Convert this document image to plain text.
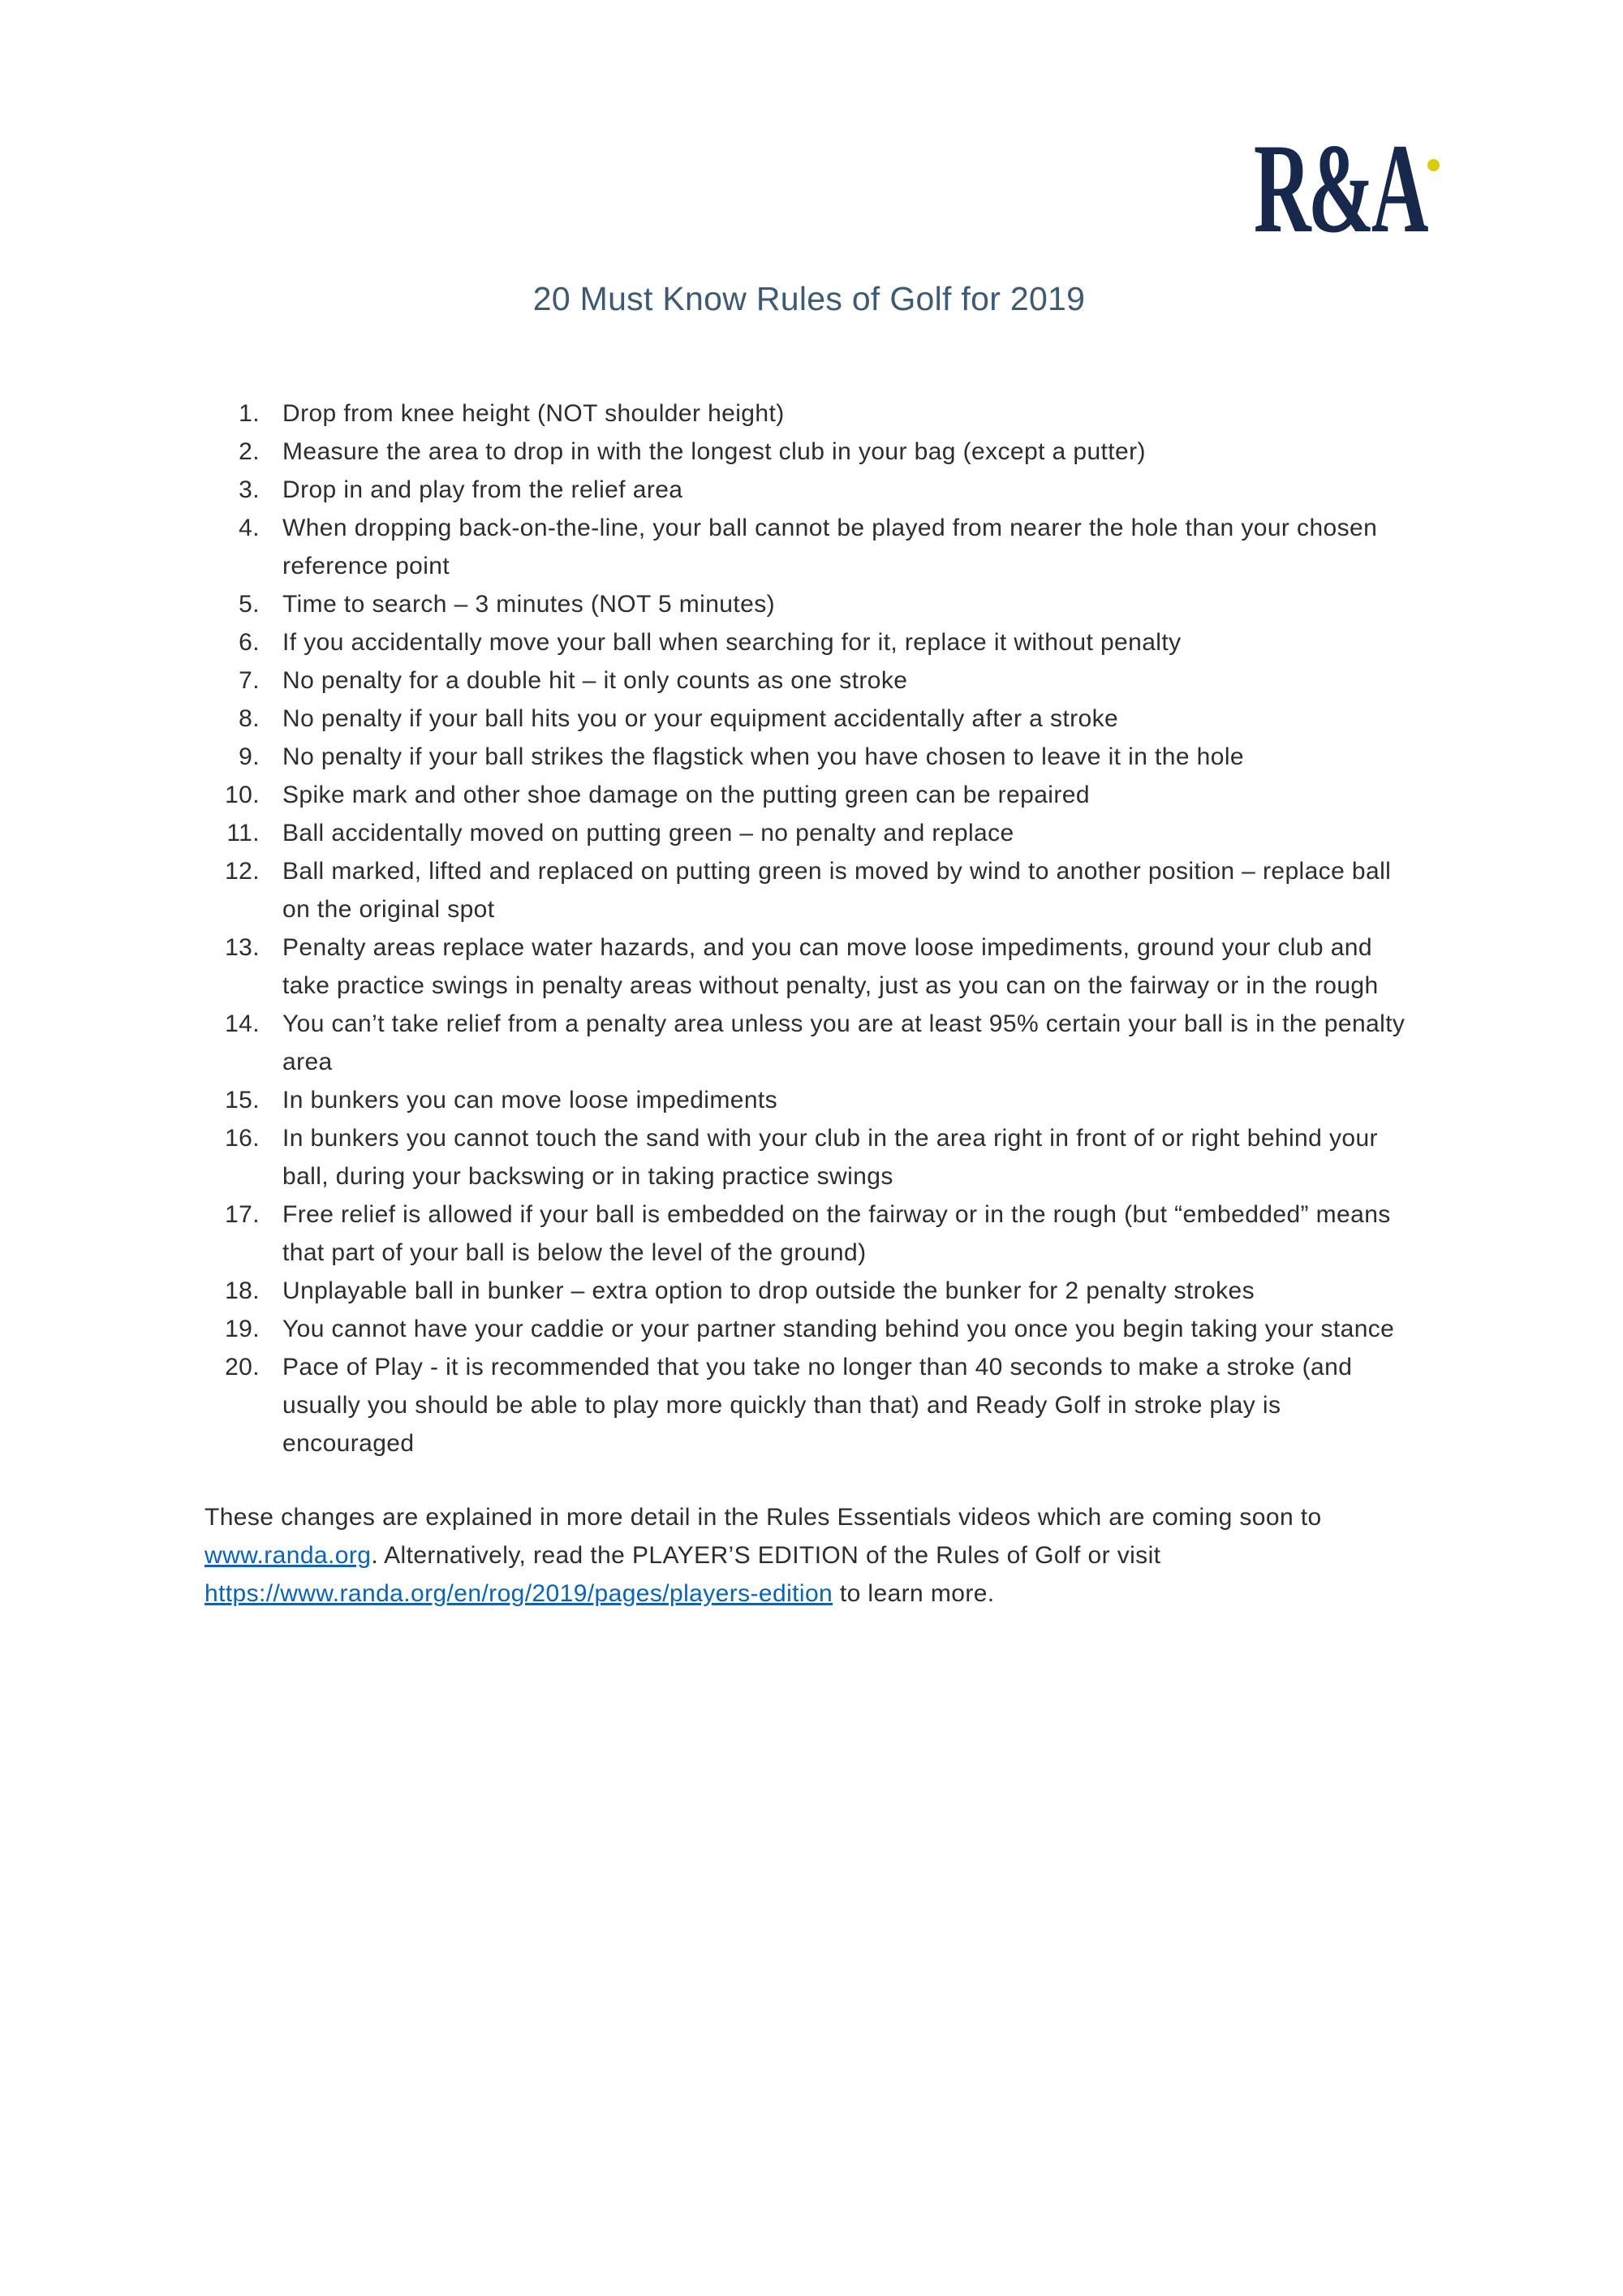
R&A
20 Must Know Rules of Golf for 2019
1. Drop from knee height (NOT shoulder height)
2. Measure the area to drop in with the longest club in your bag (except a putter)
3. Drop in and play from the relief area
4. When dropping back-on-the-line, your ball cannot be played from nearer the hole than your chosen reference point
5. Time to search – 3 minutes (NOT 5 minutes)
6. If you accidentally move your ball when searching for it, replace it without penalty
7. No penalty for a double hit – it only counts as one stroke
8. No penalty if your ball hits you or your equipment accidentally after a stroke
9. No penalty if your ball strikes the flagstick when you have chosen to leave it in the hole
10. Spike mark and other shoe damage on the putting green can be repaired
11. Ball accidentally moved on putting green – no penalty and replace
12. Ball marked, lifted and replaced on putting green is moved by wind to another position – replace ball on the original spot
13. Penalty areas replace water hazards, and you can move loose impediments, ground your club and take practice swings in penalty areas without penalty, just as you can on the fairway or in the rough
14. You can’t take relief from a penalty area unless you are at least 95% certain your ball is in the penalty area
15. In bunkers you can move loose impediments
16. In bunkers you cannot touch the sand with your club in the area right in front of or right behind your ball, during your backswing or in taking practice swings
17. Free relief is allowed if your ball is embedded on the fairway or in the rough (but “embedded” means that part of your ball is below the level of the ground)
18. Unplayable ball in bunker – extra option to drop outside the bunker for 2 penalty strokes
19. You cannot have your caddie or your partner standing behind you once you begin taking your stance
20. Pace of Play - it is recommended that you take no longer than 40 seconds to make a stroke (and usually you should be able to play more quickly than that) and Ready Golf in stroke play is encouraged

These changes are explained in more detail in the Rules Essentials videos which are coming soon to www.randa.org. Alternatively, read the PLAYER’S EDITION of the Rules of Golf or visit https://www.randa.org/en/rog/2019/pages/players-edition to learn more.
